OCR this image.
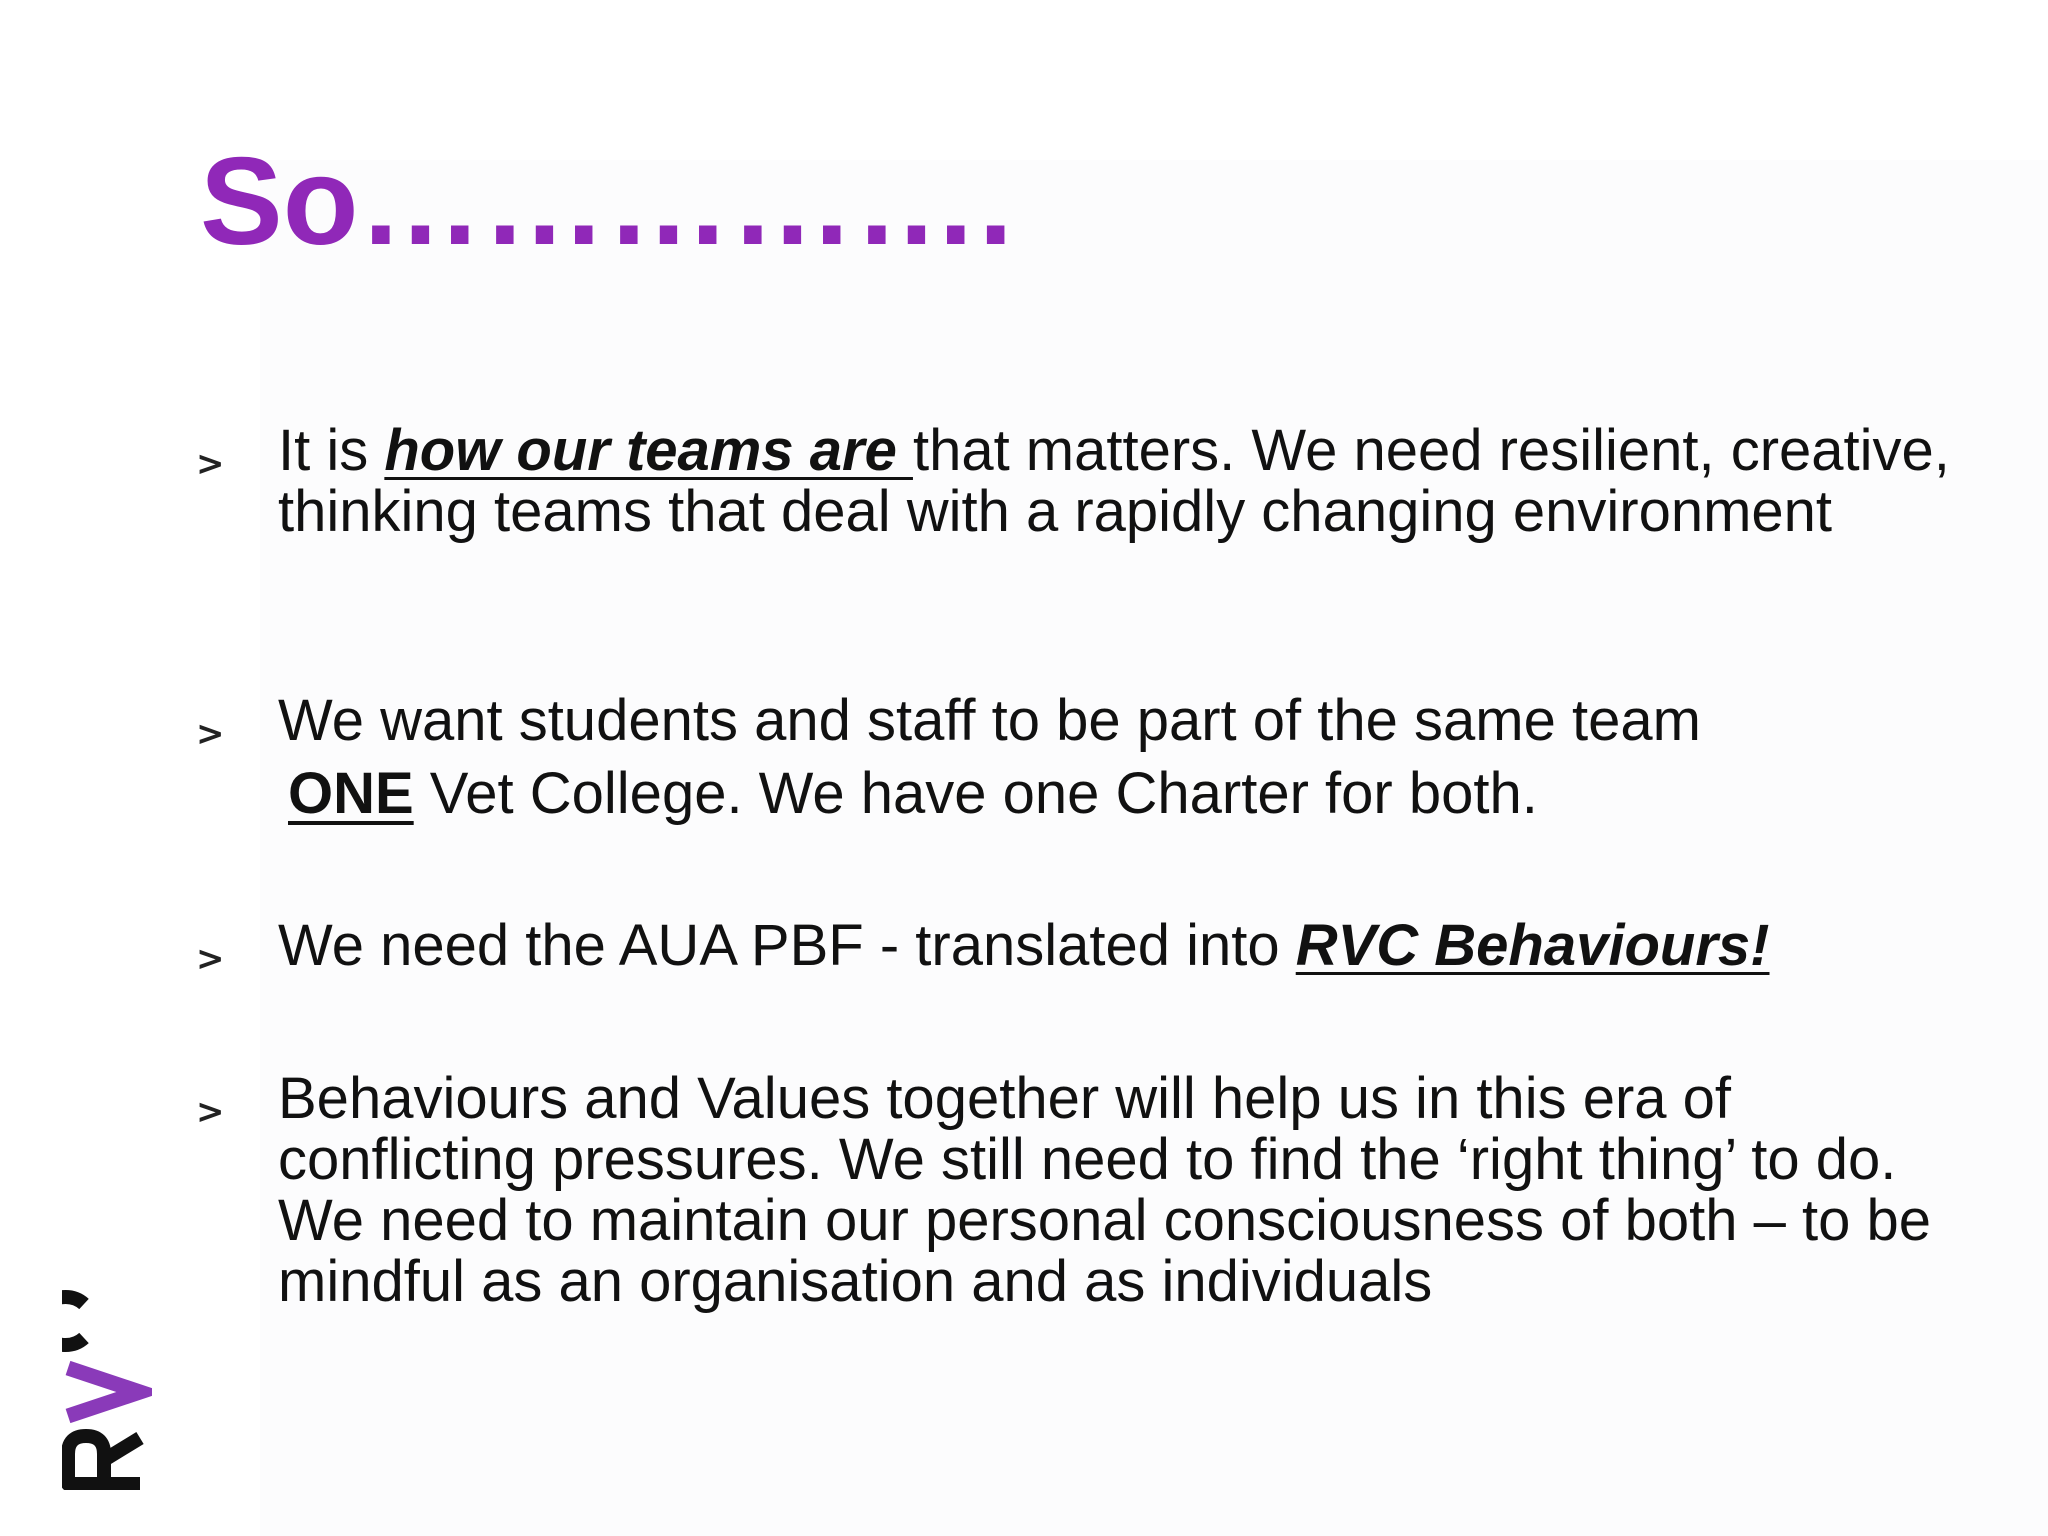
So…………….
> It is how our teams are that matters. We need resilient, creative, thinking teams that deal with a rapidly changing environment
> We want students and staff to be part of the same team
ONE Vet College. We have one Charter for both.
> We need the AUA PBF - translated into RVC Behaviours!
> Behaviours and Values together will help us in this era of conflicting pressures. We still need to find the ‘right thing’ to do. We need to maintain our personal consciousness of both – to be mindful as an organisation and as individuals
